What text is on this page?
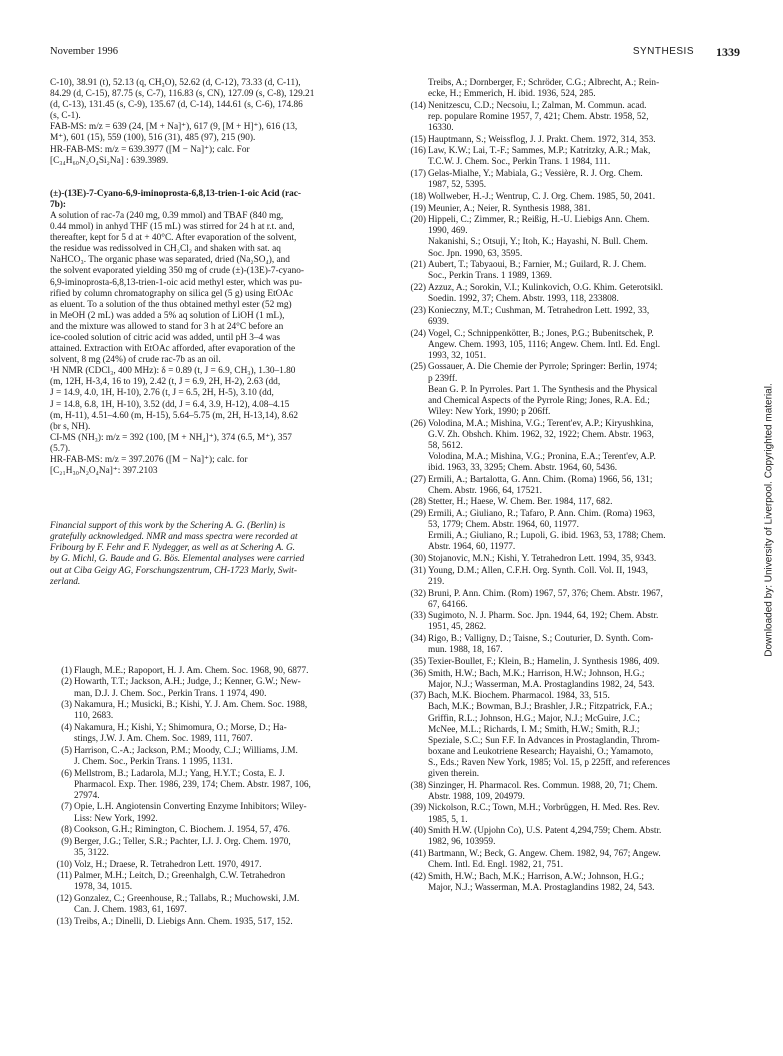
November 1996	SYNTHESIS 1339
C-10), 38.91 (t), 52.13 (q, CH₃O), 52.62 (d, C-12), 73.33 (d, C-11),
84.29 (d, C-15), 87.75 (s, C-7), 116.83 (s, CN), 127.09 (s, C-8), 129.21
(d, C-13), 131.45 (s, C-9), 135.67 (d, C-14), 144.61 (s, C-6), 174.86
(s, C-1).
FAB-MS: m/z = 639 (24, [M + Na]⁺), 617 (9, [M + H]⁺), 616 (13,
M⁺), 601 (15), 559 (100), 516 (31), 485 (97), 215 (90).
HR-FAB-MS: m/z = 639.3977 ([M − Na]⁺); calc. For
[C₃₄H₆₀N₂O₄Si₂Na] : 639.3989.
(±)-(13E)-7-Cyano-6,9-iminoprosta-6,8,13-trien-1-oic Acid (rac-
7b):
A solution of rac-7a (240 mg, 0.39 mmol) and TBAF (840 mg,
0.44 mmol) in anhyd THF (15 mL) was stirred for 24 h at r.t. and,
thereafter, kept for 5 d at + 40°C. After evaporation of the solvent,
the residue was redissolved in CH₂Cl₂ and shaken with sat. aq
NaHCO₃. The organic phase was separated, dried (Na₂SO₄), and
the solvent evaporated yielding 350 mg of crude (±)-(13E)-7-cyano-
6,9-iminoprosta-6,8,13-trien-1-oic acid methyl ester, which was pu-
rified by column chromatography on silica gel (5 g) using EtOAc
as eluent. To a solution of the thus obtained methyl ester (52 mg)
in MeOH (2 mL) was added a 5% aq solution of LiOH (1 mL),
and the mixture was allowed to stand for 3 h at 24°C before an
ice-cooled solution of citric acid was added, until pH 3–4 was
attained. Extraction with EtOAc afforded, after evaporation of the
solvent, 8 mg (24%) of crude rac-7b as an oil.
¹H NMR (CDCl₃, 400 MHz): δ = 0.89 (t, J = 6.9, CH₃), 1.30–1.80
(m, 12H, H-3,4, 16 to 19), 2.42 (t, J = 6.9, 2H, H-2), 2.63 (dd,
J = 14.9, 4.0, 1H, H-10), 2.76 (t, J = 6.5, 2H, H-5), 3.10 (dd,
J = 14.8, 6.8, 1H, H-10), 3.52 (dd, J = 6.4, 3.9, H-12), 4.08–4.15
(m, H-11), 4.51–4.60 (m, H-15), 5.64–5.75 (m, 2H, H-13,14), 8.62
(br s, NH).
CI-MS (NH₃): m/z = 392 (100, [M + NH₄]⁺), 374 (6.5, M⁺), 357
(5.7).
HR-FAB-MS: m/z = 397.2076 ([M − Na]⁺); calc. for
[C₂₁H₃₀N₂O₄Na]⁺: 397.2103
Financial support of this work by the Schering A. G. (Berlin) is
gratefully acknowledged. NMR and mass spectra were recorded at
Fribourg by F. Fehr and F. Nydegger, as well as at Schering A. G.
by G. Michl, G. Baude and G. Bös. Elemental analyses were carried
out at Ciba Geigy AG, Forschungszentrum, CH-1723 Marly, Swit-
zerland.
(1) Flaugh, M.E.; Rapoport, H. J. Am. Chem. Soc. 1968, 90, 6877.
(2) Howarth, T.T.; Jackson, A.H.; Judge, J.; Kenner, G.W.; New-
man, D.J. J. Chem. Soc., Perkin Trans. 1 1974, 490.
(3) Nakamura, H.; Musicki, B.; Kishi, Y. J. Am. Chem. Soc. 1988,
110, 2683.
(4) Nakamura, H.; Kishi, Y.; Shimomura, O.; Morse, D.; Ha-
stings, J.W. J. Am. Chem. Soc. 1989, 111, 7607.
(5) Harrison, C.-A.; Jackson, P.M.; Moody, C.J.; Williams, J.M.
J. Chem. Soc., Perkin Trans. 1 1995, 1131.
(6) Mellstrom, B.; Ladarola, M.J.; Yang, H.Y.T.; Costa, E. J.
Pharmacol. Exp. Ther. 1986, 239, 174; Chem. Abstr. 1987, 106,
27974.
(7) Opie, L.H. Angiotensin Converting Enzyme Inhibitors; Wiley-
Liss: New York, 1992.
(8) Cookson, G.H.; Rimington, C. Biochem. J. 1954, 57, 476.
(9) Berger, J.G.; Teller, S.R.; Pachter, I.J. J. Org. Chem. 1970,
35, 3122.
(10) Volz, H.; Draese, R. Tetrahedron Lett. 1970, 4917.
(11) Palmer, M.H.; Leitch, D.; Greenhalgh, C.W. Tetrahedron
1978, 34, 1015.
(12) Gonzalez, C.; Greenhouse, R.; Tallabs, R.; Muchowski, J.M.
Can. J. Chem. 1983, 61, 1697.
(13) Treibs, A.; Dinelli, D. Liebigs Ann. Chem. 1935, 517, 152.
Treibs, A.; Dornberger, F.; Schröder, C.G.; Albrecht, A.; Rein-
ecke, H.; Emmerich, H. ibid. 1936, 524, 285.
(14) Nenitzescu, C.D.; Necsoiu, I.; Zalman, M. Commun. acad.
rep. populare Romine 1957, 7, 421; Chem. Abstr. 1958, 52,
16330.
(15) Hauptmann, S.; Weissflog, J. J. Prakt. Chem. 1972, 314, 353.
(16) Law, K.W.; Lai, T.-F.; Sammes, M.P.; Katritzky, A.R.; Mak,
T.C.W. J. Chem. Soc., Perkin Trans. 1 1984, 111.
(17) Gelas-Mialhe, Y.; Mabiala, G.; Vessière, R. J. Org. Chem.
1987, 52, 5395.
(18) Wollweber, H.-J.; Wentrup, C. J. Org. Chem. 1985, 50, 2041.
(19) Meunier, A.; Neier, R. Synthesis 1988, 381.
(20) Hippeli, C.; Zimmer, R.; Reißig, H.-U. Liebigs Ann. Chem.
1990, 469.
Nakanishi, S.; Otsuji, Y.; Itoh, K.; Hayashi, N. Bull. Chem.
Soc. Jpn. 1990, 63, 3595.
(21) Aubert, T.; Tabyaoui, B.; Farnier, M.; Guilard, R. J. Chem.
Soc., Perkin Trans. 1 1989, 1369.
(22) Azzuz, A.; Sorokin, V.I.; Kulinkovich, O.G. Khim. Geterotsikl.
Soedin. 1992, 37; Chem. Abstr. 1993, 118, 233808.
(23) Konieczny, M.T.; Cushman, M. Tetrahedron Lett. 1992, 33,
6939.
(24) Vogel, C.; Schnippenkötter, B.; Jones, P.G.; Bubenitschek, P.
Angew. Chem. 1993, 105, 1116; Angew. Chem. Intl. Ed. Engl.
1993, 32, 1051.
(25) Gossauer, A. Die Chemie der Pyrrole; Springer: Berlin, 1974;
p 239ff.
Bean G. P. In Pyrroles. Part 1. The Synthesis and the Physical
and Chemical Aspects of the Pyrrole Ring; Jones, R.A. Ed.;
Wiley: New York, 1990; p 206ff.
(26) Volodina, M.A.; Mishina, V.G.; Terent'ev, A.P.; Kiryushkina,
G.V. Zh. Obshch. Khim. 1962, 32, 1922; Chem. Abstr. 1963,
58, 5612.
Volodina, M.A.; Mishina, V.G.; Pronina, E.A.; Terent'ev, A.P.
ibid. 1963, 33, 3295; Chem. Abstr. 1964, 60, 5436.
(27) Ermili, A.; Bartalotta, G. Ann. Chim. (Roma) 1966, 56, 131;
Chem. Abstr. 1966, 64, 17521.
(28) Stetter, H.; Haese, W. Chem. Ber. 1984, 117, 682.
(29) Ermili, A.; Giuliano, R.; Tafaro, P. Ann. Chim. (Roma) 1963,
53, 1779; Chem. Abstr. 1964, 60, 11977.
Ermili, A.; Giuliano, R.; Lupoli, G. ibid. 1963, 53, 1788; Chem.
Abstr. 1964, 60, 11977.
(30) Stojanovic, M.N.; Kishi, Y. Tetrahedron Lett. 1994, 35, 9343.
(31) Young, D.M.; Allen, C.F.H. Org. Synth. Coll. Vol. II, 1943,
219.
(32) Bruni, P. Ann. Chim. (Rom) 1967, 57, 376; Chem. Abstr. 1967,
67, 64166.
(33) Sugimoto, N. J. Pharm. Soc. Jpn. 1944, 64, 192; Chem. Abstr.
1951, 45, 2862.
(34) Rigo, B.; Valligny, D.; Taisne, S.; Couturier, D. Synth. Com-
mun. 1988, 18, 167.
(35) Texier-Boullet, F.; Klein, B.; Hamelin, J. Synthesis 1986, 409.
(36) Smith, H.W.; Bach, M.K.; Harrison, H.W.; Johnson, H.G.;
Major, N.J.; Wasserman, M.A. Prostaglandins 1982, 24, 543.
(37) Bach, M.K. Biochem. Pharmacol. 1984, 33, 515.
Bach, M.K.; Bowman, B.J.; Brashler, J.R.; Fitzpatrick, F.A.;
Griffin, R.L.; Johnson, H.G.; Major, N.J.; McGuire, J.C.;
McNee, M.L.; Richards, I. M.; Smith, H.W.; Smith, R.J.;
Speziale, S.C.; Sun F.F. In Advances in Prostaglandin, Throm-
boxane and Leukotriene Research; Hayaishi, O.; Yamamoto,
S., Eds.; Raven New York, 1985; Vol. 15, p 225ff, and references
given therein.
(38) Sinzinger, H. Pharmacol. Res. Commun. 1988, 20, 71; Chem.
Abstr. 1988, 109, 204979.
(39) Nickolson, R.C.; Town, M.H.; Vorbrüggen, H. Med. Res. Rev.
1985, 5, 1.
(40) Smith H.W. (Upjohn Co), U.S. Patent 4,294,759; Chem. Abstr.
1982, 96, 103959.
(41) Bartmann, W.; Beck, G. Angew. Chem. 1982, 94, 767; Angew.
Chem. Intl. Ed. Engl. 1982, 21, 751.
(42) Smith, H.W.; Bach, M.K.; Harrison, A.W.; Johnson, H.G.;
Major, N.J.; Wasserman, M.A. Prostaglandins 1982, 24, 543.
Downloaded by: University of Liverpool. Copyrighted material.
